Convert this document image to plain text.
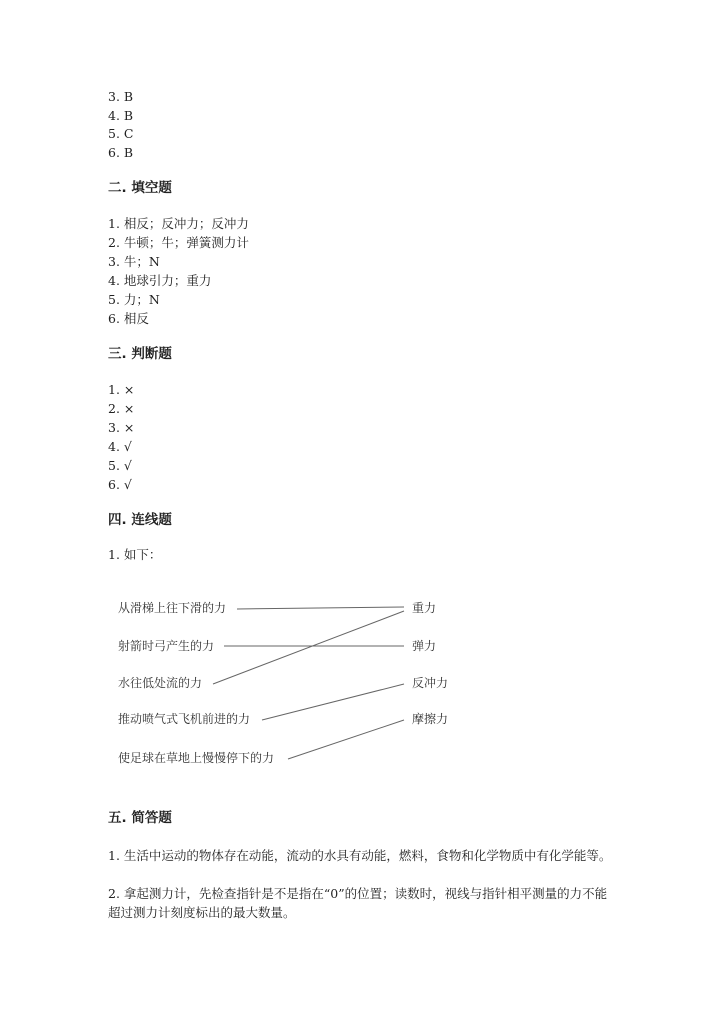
3. B
4. B
5. C
6. B
二. 填空题
1. 相反；反冲力；反冲力
2. 牛顿；牛；弹簧测力计
3. 牛；N
4. 地球引力；重力
5. 力；N
6. 相反
三. 判断题
1. ×
2. ×
3. ×
4. √
5. √
6. √
四. 连线题
1. 如下：
从滑梯上往下滑的力
射箭时弓产生的力
水往低处流的力
推动喷气式飞机前进的力
使足球在草地上慢慢停下的力
重力
弹力
反冲力
摩擦力
五. 简答题
1. 生活中运动的物体存在动能，流动的水具有动能，燃料，食物和化学物质中有化学能等。
2. 拿起测力计，先检查指针是不是指在“0”的位置；读数时，视线与指针相平测量的力不能超过测力计刻度标出的最大数量。
